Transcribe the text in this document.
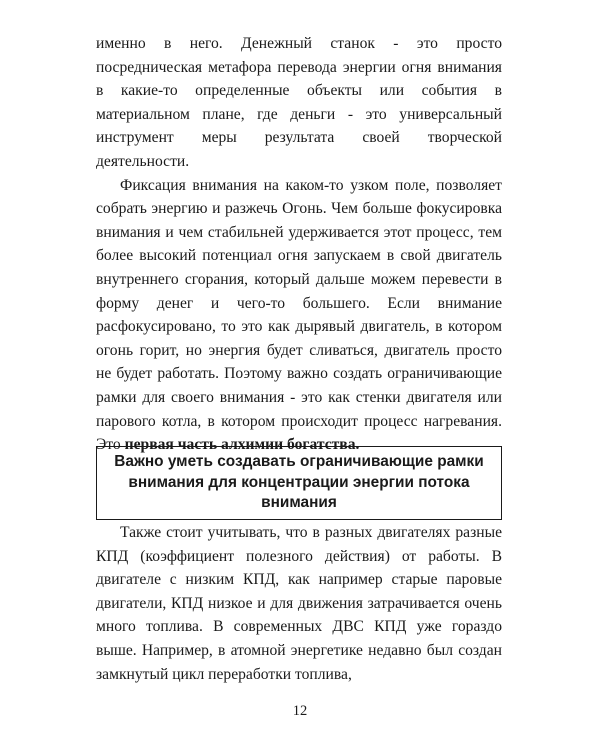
именно в него. Денежный станок - это просто посредническая метафора перевода энергии огня внимания в какие-то определенные объекты или события в материальном плане, где деньги - это универсальный инструмент меры результата своей творческой деятельности.

Фиксация внимания на каком-то узком поле, позволяет собрать энергию и разжечь Огонь. Чем больше фокусировка внимания и чем стабильней удерживается этот процесс, тем более высокий потенциал огня запускаем в свой двигатель внутреннего сгорания, который дальше можем перевести в форму денег и чего-то большего. Если внимание расфокусировано, то это как дырявый двигатель, в котором огонь горит, но энергия будет сливаться, двигатель просто не будет работать. Поэтому важно создать ограничивающие рамки для своего внимания - это как стенки двигателя или парового котла, в котором происходит процесс нагревания. Это первая часть алхимии богатства.

Важно уметь создавать ограничивающие рамки внимания для концентрации энергии потока внимания

Также стоит учитывать, что в разных двигателях разные КПД (коэффициент полезного действия) от работы. В двигателе с низким КПД, как например старые паровые двигатели, КПД низкое и для движения затрачивается очень много топлива. В современных ДВС КПД уже гораздо выше. Например, в атомной энергетике недавно был создан замкнутый цикл переработки топлива,

12
